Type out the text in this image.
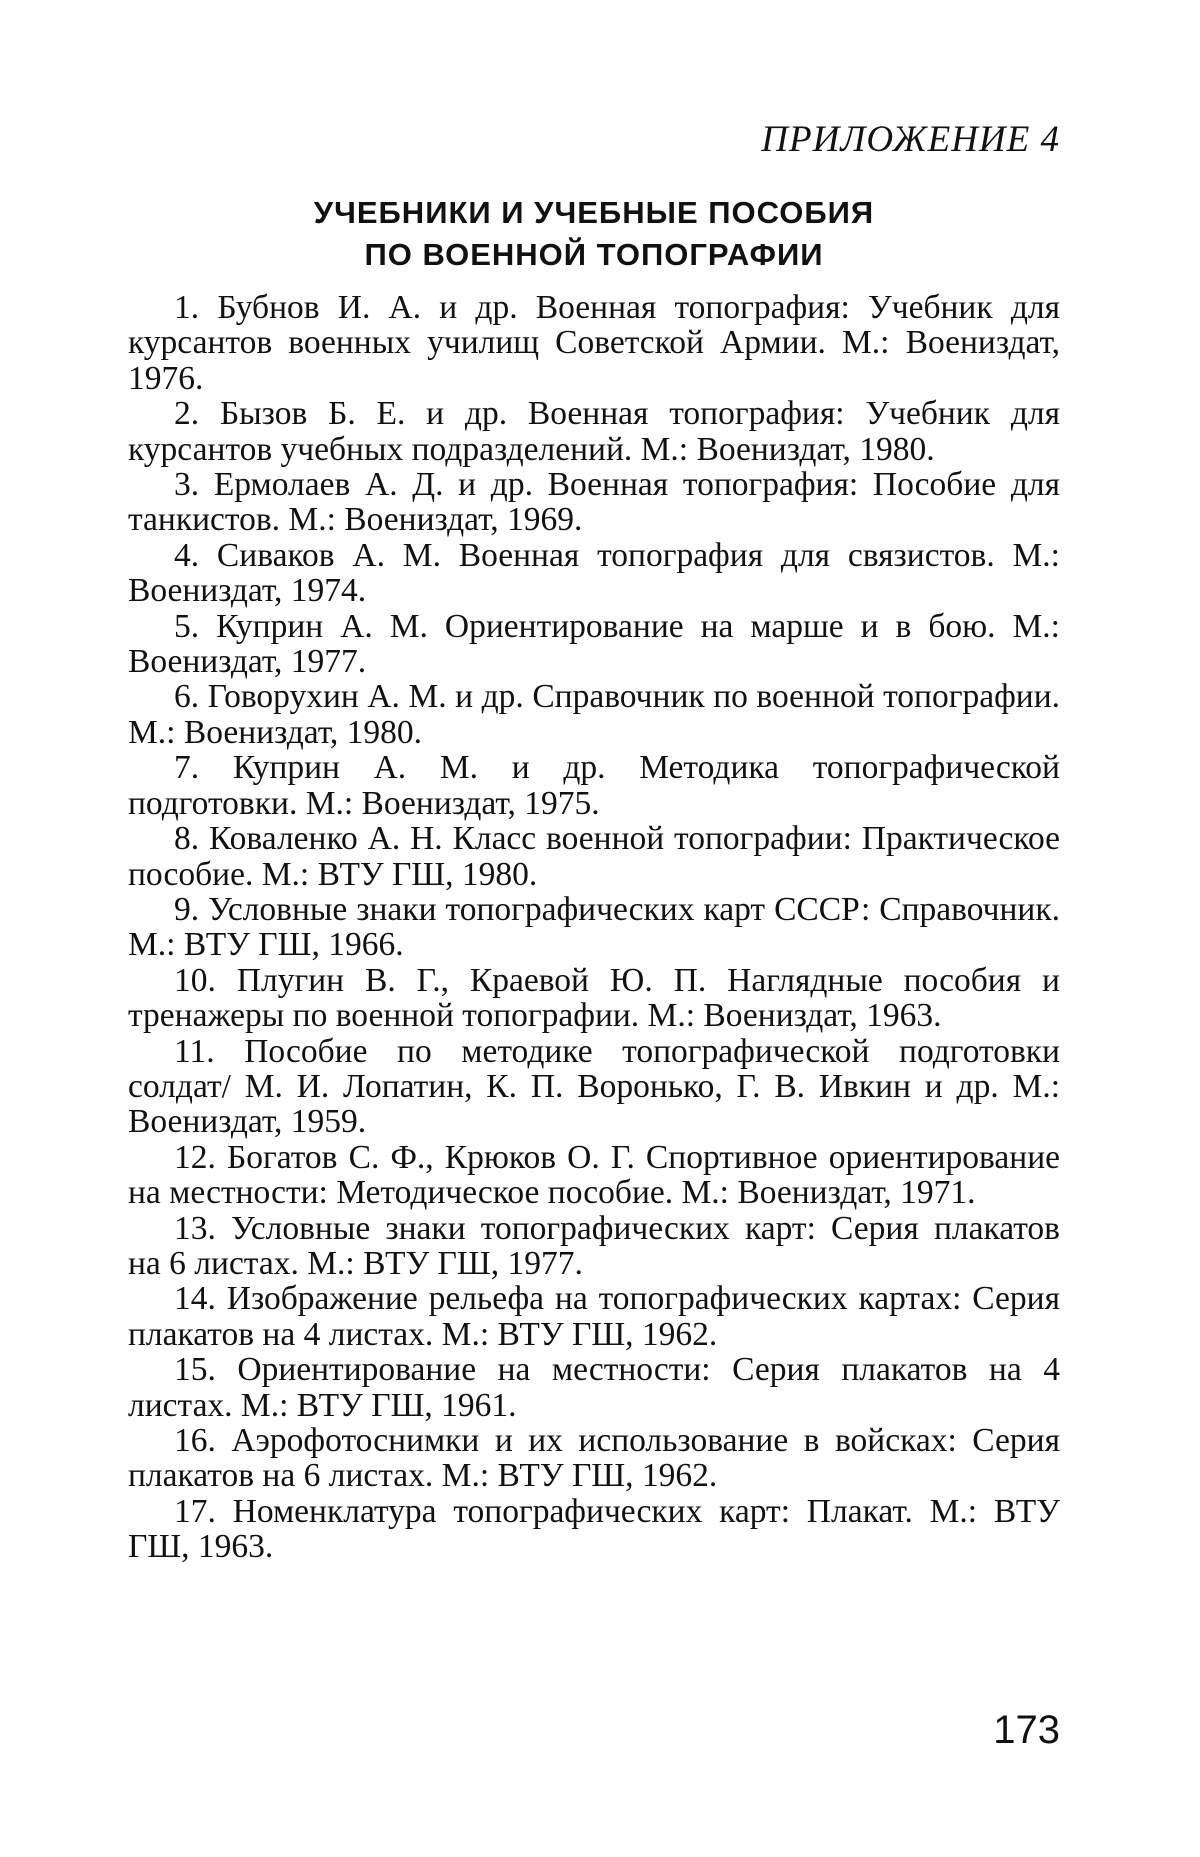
ПРИЛОЖЕНИЕ 4
УЧЕБНИКИ И УЧЕБНЫЕ ПОСОБИЯ
ПО ВОЕННОЙ ТОПОГРАФИИ

1. Бубнов И. А. и др. Военная топография: Учебник для курсантов военных училищ Советской Армии. М.: Воениздат, 1976.

2. Бызов Б. Е. и др. Военная топография: Учебник для курсантов учебных подразделений. М.: Воениздат, 1980.

3. Ермолаев А. Д. и др. Военная топография: Пособие для танкистов. М.: Воениздат, 1969.

4. Сиваков А. М. Военная топография для связистов. М.: Воениздат, 1974.

5. Куприн А. М. Ориентирование на марше и в бою. М.: Воениздат, 1977.

6. Говорухин А. М. и др. Справочник по военной топографии. М.: Воениздат, 1980.

7. Куприн А. М. и др. Методика топографической подготовки. М.: Воениздат, 1975.

8. Коваленко А. Н. Класс военной топографии: Практическое пособие. М.: ВТУ ГШ, 1980.

9. Условные знаки топографических карт СССР: Справочник. М.: ВТУ ГШ, 1966.

10. Плугин В. Г., Краевой Ю. П. Наглядные пособия и тренажеры по военной топографии. М.: Воениздат, 1963.

11. Пособие по методике топографической подготовки солдат/ М. И. Лопатин, К. П. Воронько, Г. В. Ивкин и др. М.: Воениздат, 1959.

12. Богатов С. Ф., Крюков О. Г. Спортивное ориентирование на местности: Методическое пособие. М.: Воениздат, 1971.

13. Условные знаки топографических карт: Серия плакатов на 6 листах. М.: ВТУ ГШ, 1977.

14. Изображение рельефа на топографических картах: Серия плакатов на 4 листах. М.: ВТУ ГШ, 1962.

15. Ориентирование на местности: Серия плакатов на 4 листах. М.: ВТУ ГШ, 1961.

16. Аэрофотоснимки и их использование в войсках: Серия плакатов на 6 листах. М.: ВТУ ГШ, 1962.

17. Номенклатура топографических карт: Плакат. М.: ВТУ ГШ, 1963.

173
